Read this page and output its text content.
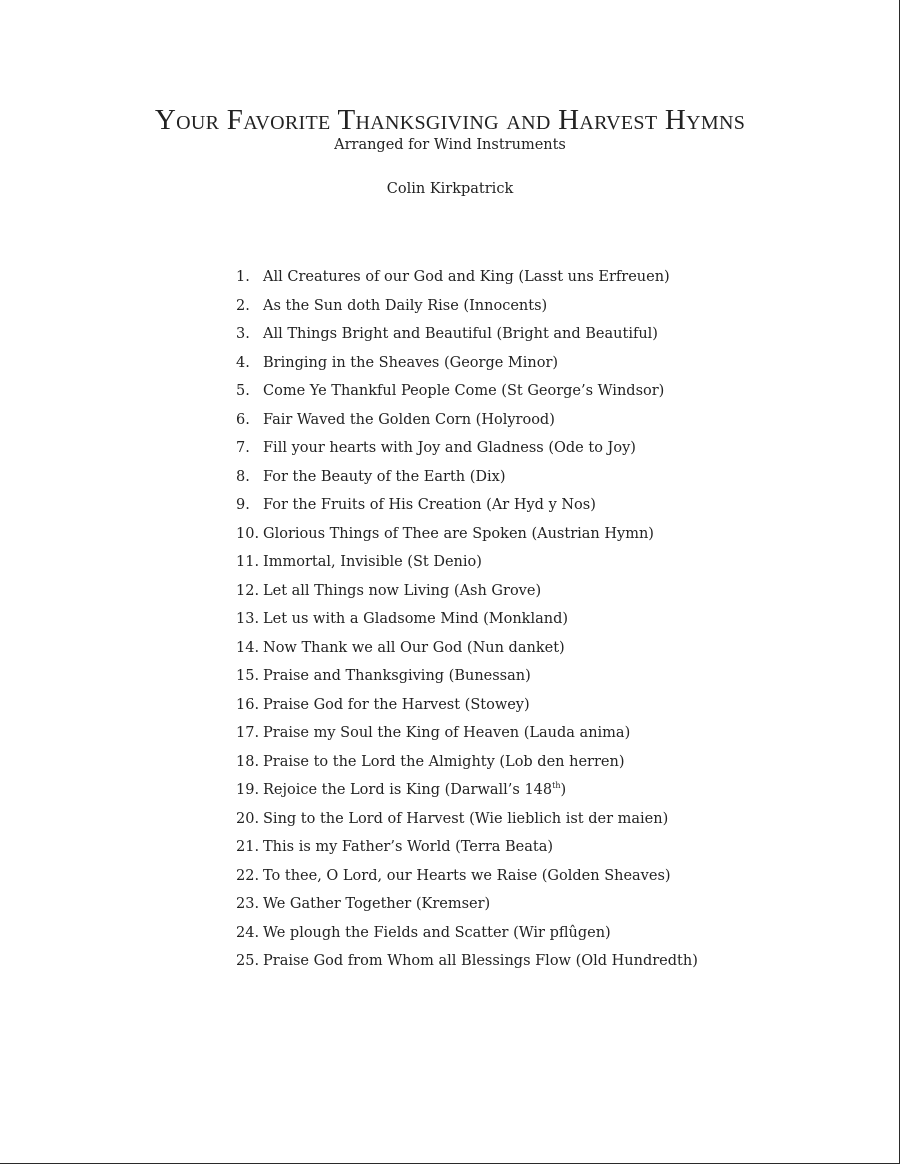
Your Favorite Thanksgiving and Harvest Hymns
Arranged for Wind Instruments
Colin Kirkpatrick
1. All Creatures of our God and King (Lasst uns Erfreuen)
2. As the Sun doth Daily Rise (Innocents)
3. All Things Bright and Beautiful (Bright and Beautiful)
4. Bringing in the Sheaves (George Minor)
5. Come Ye Thankful People Come (St George’s Windsor)
6. Fair Waved the Golden Corn (Holyrood)
7. Fill your hearts with Joy and Gladness (Ode to Joy)
8. For the Beauty of the Earth (Dix)
9. For the Fruits of His Creation (Ar Hyd y Nos)
10. Glorious Things of Thee are Spoken (Austrian Hymn)
11. Immortal, Invisible (St Denio)
12. Let all Things now Living (Ash Grove)
13. Let us with a Gladsome Mind (Monkland)
14. Now Thank we all Our God (Nun danket)
15. Praise and Thanksgiving (Bunessan)
16. Praise God for the Harvest (Stowey)
17. Praise my Soul the King of Heaven (Lauda anima)
18. Praise to the Lord the Almighty (Lob den herren)
19. Rejoice the Lord is King (Darwall’s 148th)
20. Sing to the Lord of Harvest (Wie lieblich ist der maien)
21. This is my Father’s World (Terra Beata)
22. To thee, O Lord, our Hearts we Raise (Golden Sheaves)
23. We Gather Together (Kremser)
24. We plough the Fields and Scatter (Wir pflûgen)
25. Praise God from Whom all Blessings Flow (Old Hundredth)
